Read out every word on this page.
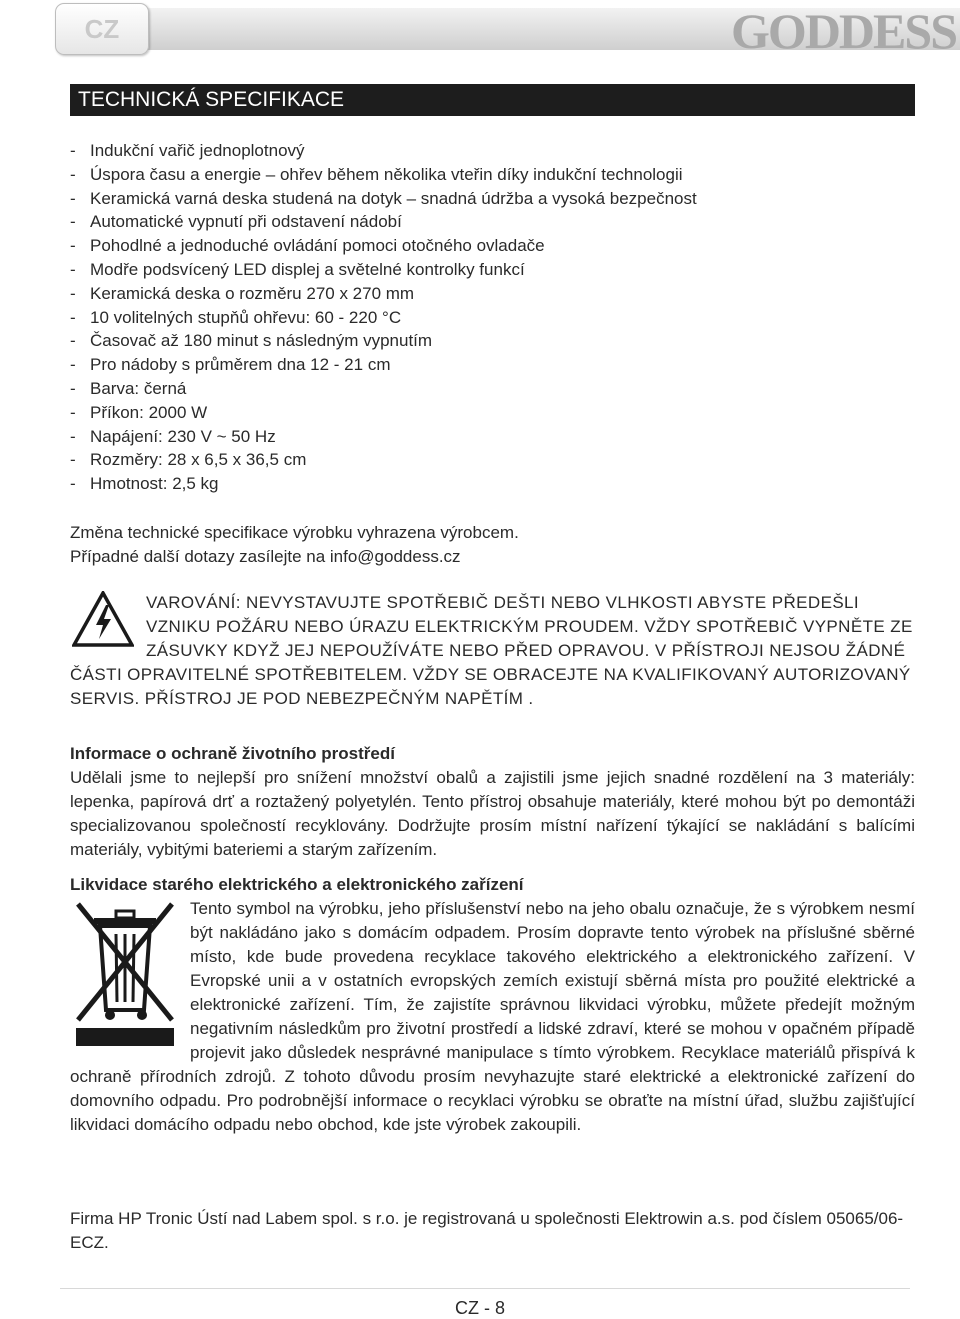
CZ	GODDESS
TECHNICKÁ SPECIFIKACE
- Indukční vařič jednoplotnový
- Úspora času a energie – ohřev během několika vteřin díky indukční technologii
- Keramická varná deska studená na dotyk – snadná údržba a vysoká bezpečnost
- Automatické vypnutí při odstavení nádobí
- Pohodlné a jednoduché ovládání pomoci otočného ovladače
- Modře podsvícený LED displej a světelné kontrolky funkcí
- Keramická deska o rozměru 270 x 270 mm
- 10 volitelných stupňů ohřevu: 60 - 220 °C
- Časovač až 180 minut s následným vypnutím
- Pro nádoby s průměrem dna 12 - 21 cm
- Barva: černá
- Příkon: 2000 W
- Napájení: 230 V ~ 50 Hz
- Rozměry: 28 x 6,5 x 36,5 cm
- Hmotnost: 2,5 kg
Změna technické specifikace výrobku vyhrazena výrobcem.
Případné další dotazy zasílejte na info@goddess.cz

VAROVÁNÍ: NEVYSTAVUJTE SPOTŘEBIČ DEŠTI NEBO VLHKOSTI ABYSTE PŘEDEŠLI VZNIKU POŽÁRU NEBO ÚRAZU ELEKTRICKÝM PROUDEM. VŽDY SPOTŘEBIČ VYPNĚTE ZE ZÁSUVKY KDYŽ JEJ NEPOUŽÍVÁTE NEBO PŘED OPRAVOU. V PŘÍSTROJI NEJSOU ŽÁDNÉ ČÁSTI OPRAVITELNÉ SPOTŘEBITELEM. VŽDY SE OBRACEJTE NA KVALIFIKOVANÝ AUTORIZOVANÝ SERVIS. PŘÍSTROJ JE POD NEBEZPEČNÝM NAPĚTÍM .

Informace o ochraně životního prostředí

Udělali jsme to nejlepší pro snížení množství obalů a zajistili jsme jejich snadné rozdělení na 3 materiály: lepenka, papírová drť a roztažený polyetylén. Tento přístroj obsahuje materiály, které mohou být po demontáži specializovanou společností recyklovány. Dodržujte prosím místní nařízení týkající se nakládání s balícími materiály, vybitými bateriemi a starým zařízením.

Likvidace starého elektrického a elektronického zařízení

Tento symbol na výrobku, jeho příslušenství nebo na jeho obalu označuje, že s výrobkem nesmí být nakládáno jako s domácím odpadem. Prosím dopravte tento výrobek na příslušné sběrné místo, kde bude provedena recyklace takového elektrického a elektronického zařízení. V Evropské unii a v ostatních evropských zemích existují sběrná místa pro použité elektrické a elektronické zařízení. Tím, že zajistíte správnou likvidaci výrobku, můžete předejít možným negativním následkům pro životní prostředí a lidské zdraví, které se mohou v opačném případě projevit jako důsledek nesprávné manipulace s tímto výrobkem. Recyklace materiálů přispívá k ochraně přírodních zdrojů. Z tohoto důvodu prosím nevyhazujte staré elektrické a elektronické zařízení do domovního odpadu. Pro podrobnější informace o recyklaci výrobku se obraťte na místní úřad, službu zajišťující likvidaci domácího odpadu nebo obchod, kde jste výrobek zakoupili.

Firma HP Tronic Ústí nad Labem spol. s r.o. je registrovaná u společnosti Elektrowin a.s. pod číslem 05065/06-ECZ.

CZ - 8
